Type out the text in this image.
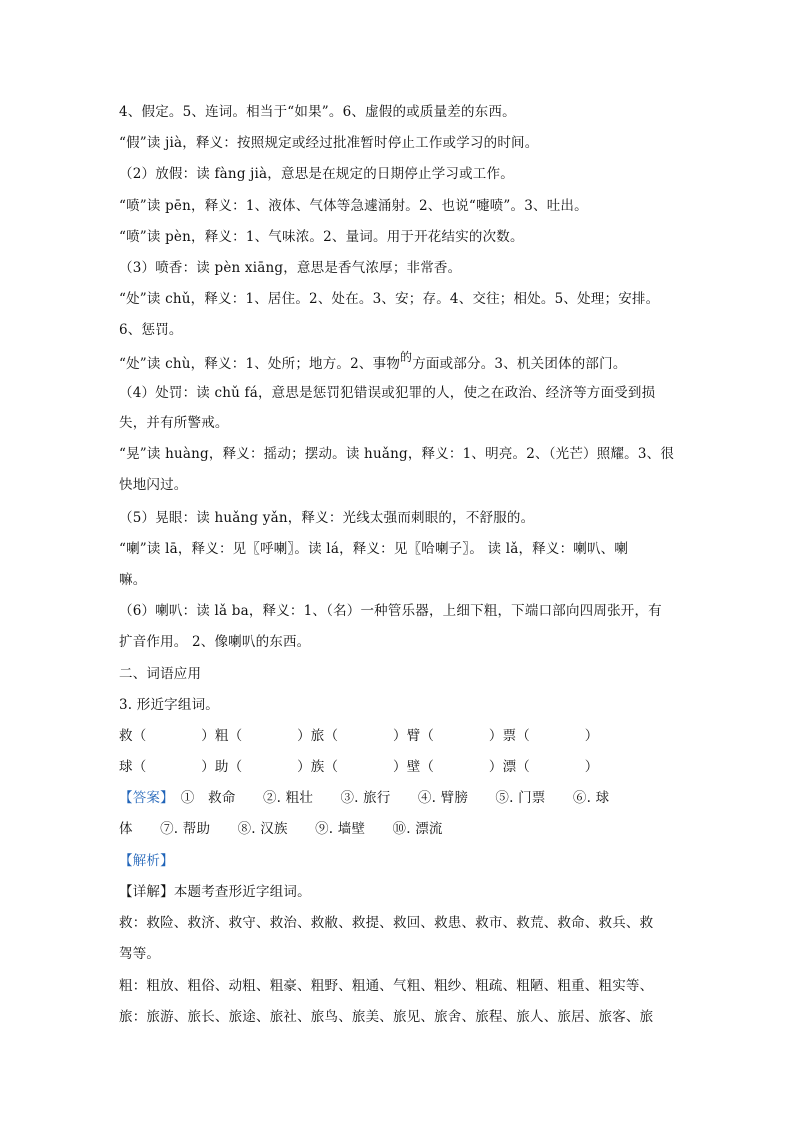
4、假定。5、连词。相当于“如果”。6、虚假的或质量差的东西。
“假”读 jià，释义：按照规定或经过批准暂时停止工作或学习的时间。
（2）放假：读 fàng jià，意思是在规定的日期停止学习或工作。
“喷”读 pēn，释义：1、液体、气体等急遽涌射。2、也说“嚏喷”。3、吐出。
“喷”读 pèn，释义：1、气味浓。2、量词。用于开花结实的次数。
（3）喷香：读 pèn xiāng，意思是香气浓厚；非常香。
“处”读 chǔ，释义：1、居住。2、处在。3、安；存。4、交往；相处。5、处理；安排。
6、惩罚。
“处”读 chù，释义：1、处所；地方。2、事物的方面或部分。3、机关团体的部门。
（4）处罚：读 chǔ fá，意思是惩罚犯错误或犯罪的人，使之在政治、经济等方面受到损
失，并有所警戒。
“晃”读 huàng，释义：摇动；摆动。读 huǎng，释义：1、明亮。2、（光芒）照耀。3、很
快地闪过。
（5）晃眼：读 huǎng yǎn，释义：光线太强而刺眼的，不舒服的。
“喇”读 lā，释义：见〖呼喇〗。读 lá，释义：见〖哈喇子〗。 读 lǎ，释义：喇叭、喇
嘛。
（6）喇叭：读 lǎ ba，释义：1、（名）一种管乐器，上细下粗，下端口部向四周张开，有
扩音作用。 2、像喇叭的东西。
二、词语应用
3. 形近字组词。
救（　　　　）粗（　　　　）旅（　　　　）臂（　　　　）票（　　　　）
球（　　　　）助（　　　　）族（　　　　）壁（　　　　）漂（　　　　）
【答案】　 ①　救命　　②. 粗壮　　③. 旅行　　④. 臂膀　　⑤. 门票　　⑥. 球
体　　⑦. 帮助　　⑧. 汉族　　⑨. 墙壁　　⑩. 漂流
【解析】
【详解】本题考查形近字组词。
救：救险、救济、救守、救治、救敝、救提、救回、救患、救市、救荒、救命、救兵、救
驾等。
粗：粗放、粗俗、动粗、粗豪、粗野、粗通、气粗、粗纱、粗疏、粗陋、粗重、粗实等、
旅：旅游、旅长、旅途、旅社、旅鸟、旅美、旅见、旅舍、旅程、旅人、旅居、旅客、旅
